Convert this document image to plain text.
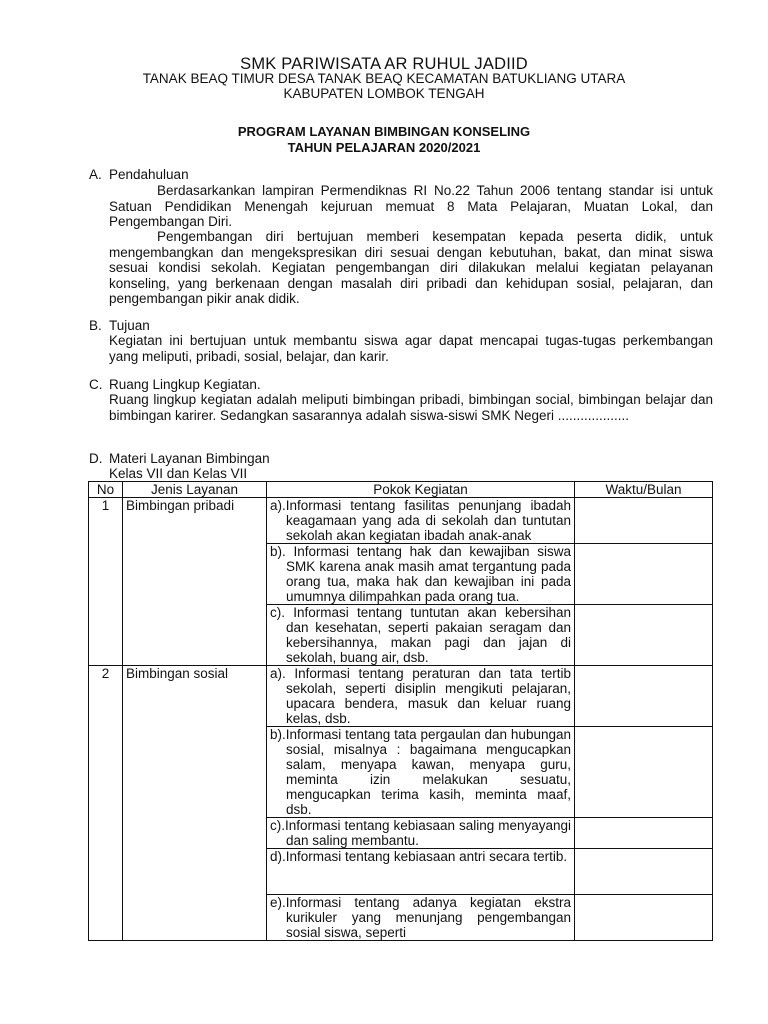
SMK PARIWISATA AR RUHUL JADIID
TANAK BEAQ TIMUR DESA TANAK BEAQ KECAMATAN BATUKLIANG UTARA
KABUPATEN LOMBOK TENGAH
PROGRAM LAYANAN BIMBINGAN KONSELING
TAHUN PELAJARAN 2020/2021
A. Pendahuluan

Berdasarkankan lampiran Permendiknas RI No.22 Tahun 2006 tentang standar isi untuk Satuan Pendidikan Menengah kejuruan memuat 8 Mata Pelajaran, Muatan Lokal, dan Pengembangan Diri.

Pengembangan diri bertujuan memberi kesempatan kepada peserta didik, untuk mengembangkan dan mengekspresikan diri sesuai dengan kebutuhan, bakat, dan minat siswa sesuai kondisi sekolah. Kegiatan pengembangan diri dilakukan melalui kegiatan pelayanan konseling, yang berkenaan dengan masalah diri pribadi dan kehidupan sosial, pelajaran, dan pengembangan pikir anak didik.

B. Tujuan

Kegiatan ini bertujuan untuk membantu siswa agar dapat mencapai tugas-tugas perkembangan yang meliputi, pribadi, sosial, belajar, dan karir.

C. Ruang Lingkup Kegiatan.

Ruang lingkup kegiatan adalah meliputi bimbingan pribadi, bimbingan social, bimbingan belajar dan bimbingan karirer. Sedangkan sasarannya adalah siswa-siswi SMK Negeri ...................

D. Materi Layanan Bimbingan
Kelas VII dan Kelas VII
No	Jenis Layanan	Pokok Kegiatan	Waktu/Bulan
1	Bimbingan pribadi	a).Informasi tentang fasilitas penunjang ibadah keagamaan yang ada di sekolah dan tuntutan sekolah akan kegiatan ibadah anak-anak	

		b). Informasi tentang hak dan kewajiban siswa SMK karena anak masih amat tergantung pada orang tua, maka hak dan kewajiban ini pada umumnya dilimpahkan pada orang tua.	

		c). Informasi tentang tuntutan akan kebersihan dan kesehatan, seperti pakaian seragam dan kebersihannya, makan pagi dan jajan di sekolah, buang air, dsb.	

2	Bimbingan sosial	a). Informasi tentang peraturan dan tata tertib sekolah, seperti disiplin mengikuti pelajaran, upacara bendera, masuk dan keluar ruang kelas, dsb.	

		b).Informasi tentang tata pergaulan dan hubungan sosial, misalnya : bagaimana mengucapkan salam, menyapa kawan, menyapa guru, meminta izin melakukan sesuatu, mengucapkan terima kasih, meminta maaf, dsb.	

		c).Informasi tentang kebiasaan saling menyayangi dan saling membantu.	

		d).Informasi tentang kebiasaan antri secara tertib.	

		e).Informasi tentang adanya kegiatan ekstra kurikuler yang menunjang pengembangan sosial siswa, seperti	
